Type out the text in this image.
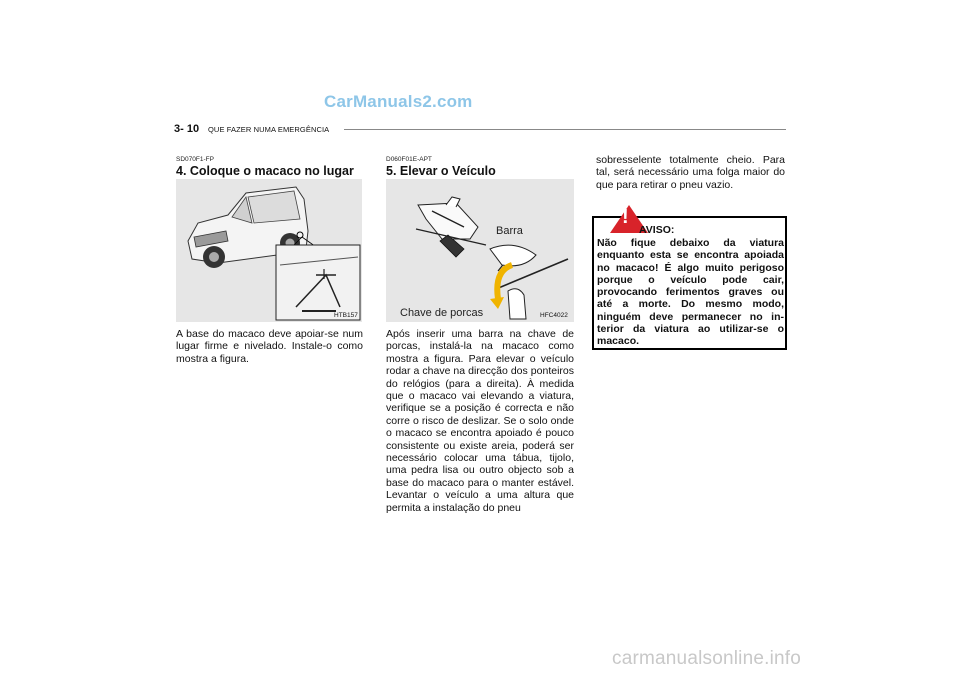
CarManuals2.com
3- 10 QUE FAZER NUMA EMERGÊNCIA
SD070F1-FP
4. Coloque o macaco no lugar
HTB157
A base do macaco deve apoiar-se num lugar firme e nivelado. Instale-o como mostra a figura.
D060F01E-APT
5. Elevar o Veículo
Barra
Chave de porcas	HFC4022
Após inserir uma barra na chave de porcas, instalá-la na macaco como mostra a figura. Para elevar o veículo rodar a chave na direcção dos ponteiros do relógios (para a direita). À medida que o macaco vai elevando a viatura, verifique se a posição é correcta e não corre o risco de deslizar. Se o solo onde o macaco se encontra apoiado é pouco consistente ou existe areia, poderá ser necessário colocar uma tábua, tijolo, uma pedra lisa ou outro objecto sob a base do macaco para o manter estável. Levantar o veículo a uma altura que permita a instalação do pneu
sobresselente totalmente cheio. Para tal, será necessário uma folga maior do que para retirar o pneu vazio.
!
AVISO:
Não fique debaixo da viatura enquanto esta se encontra apoiada no macaco! É algo muito perigoso porque o veículo pode cair, provocando ferimentos graves ou até a morte. Do mesmo modo, ninguém deve permanecer no in- terior da viatura ao utilizar-se o macaco.
carmanualsonline.info
